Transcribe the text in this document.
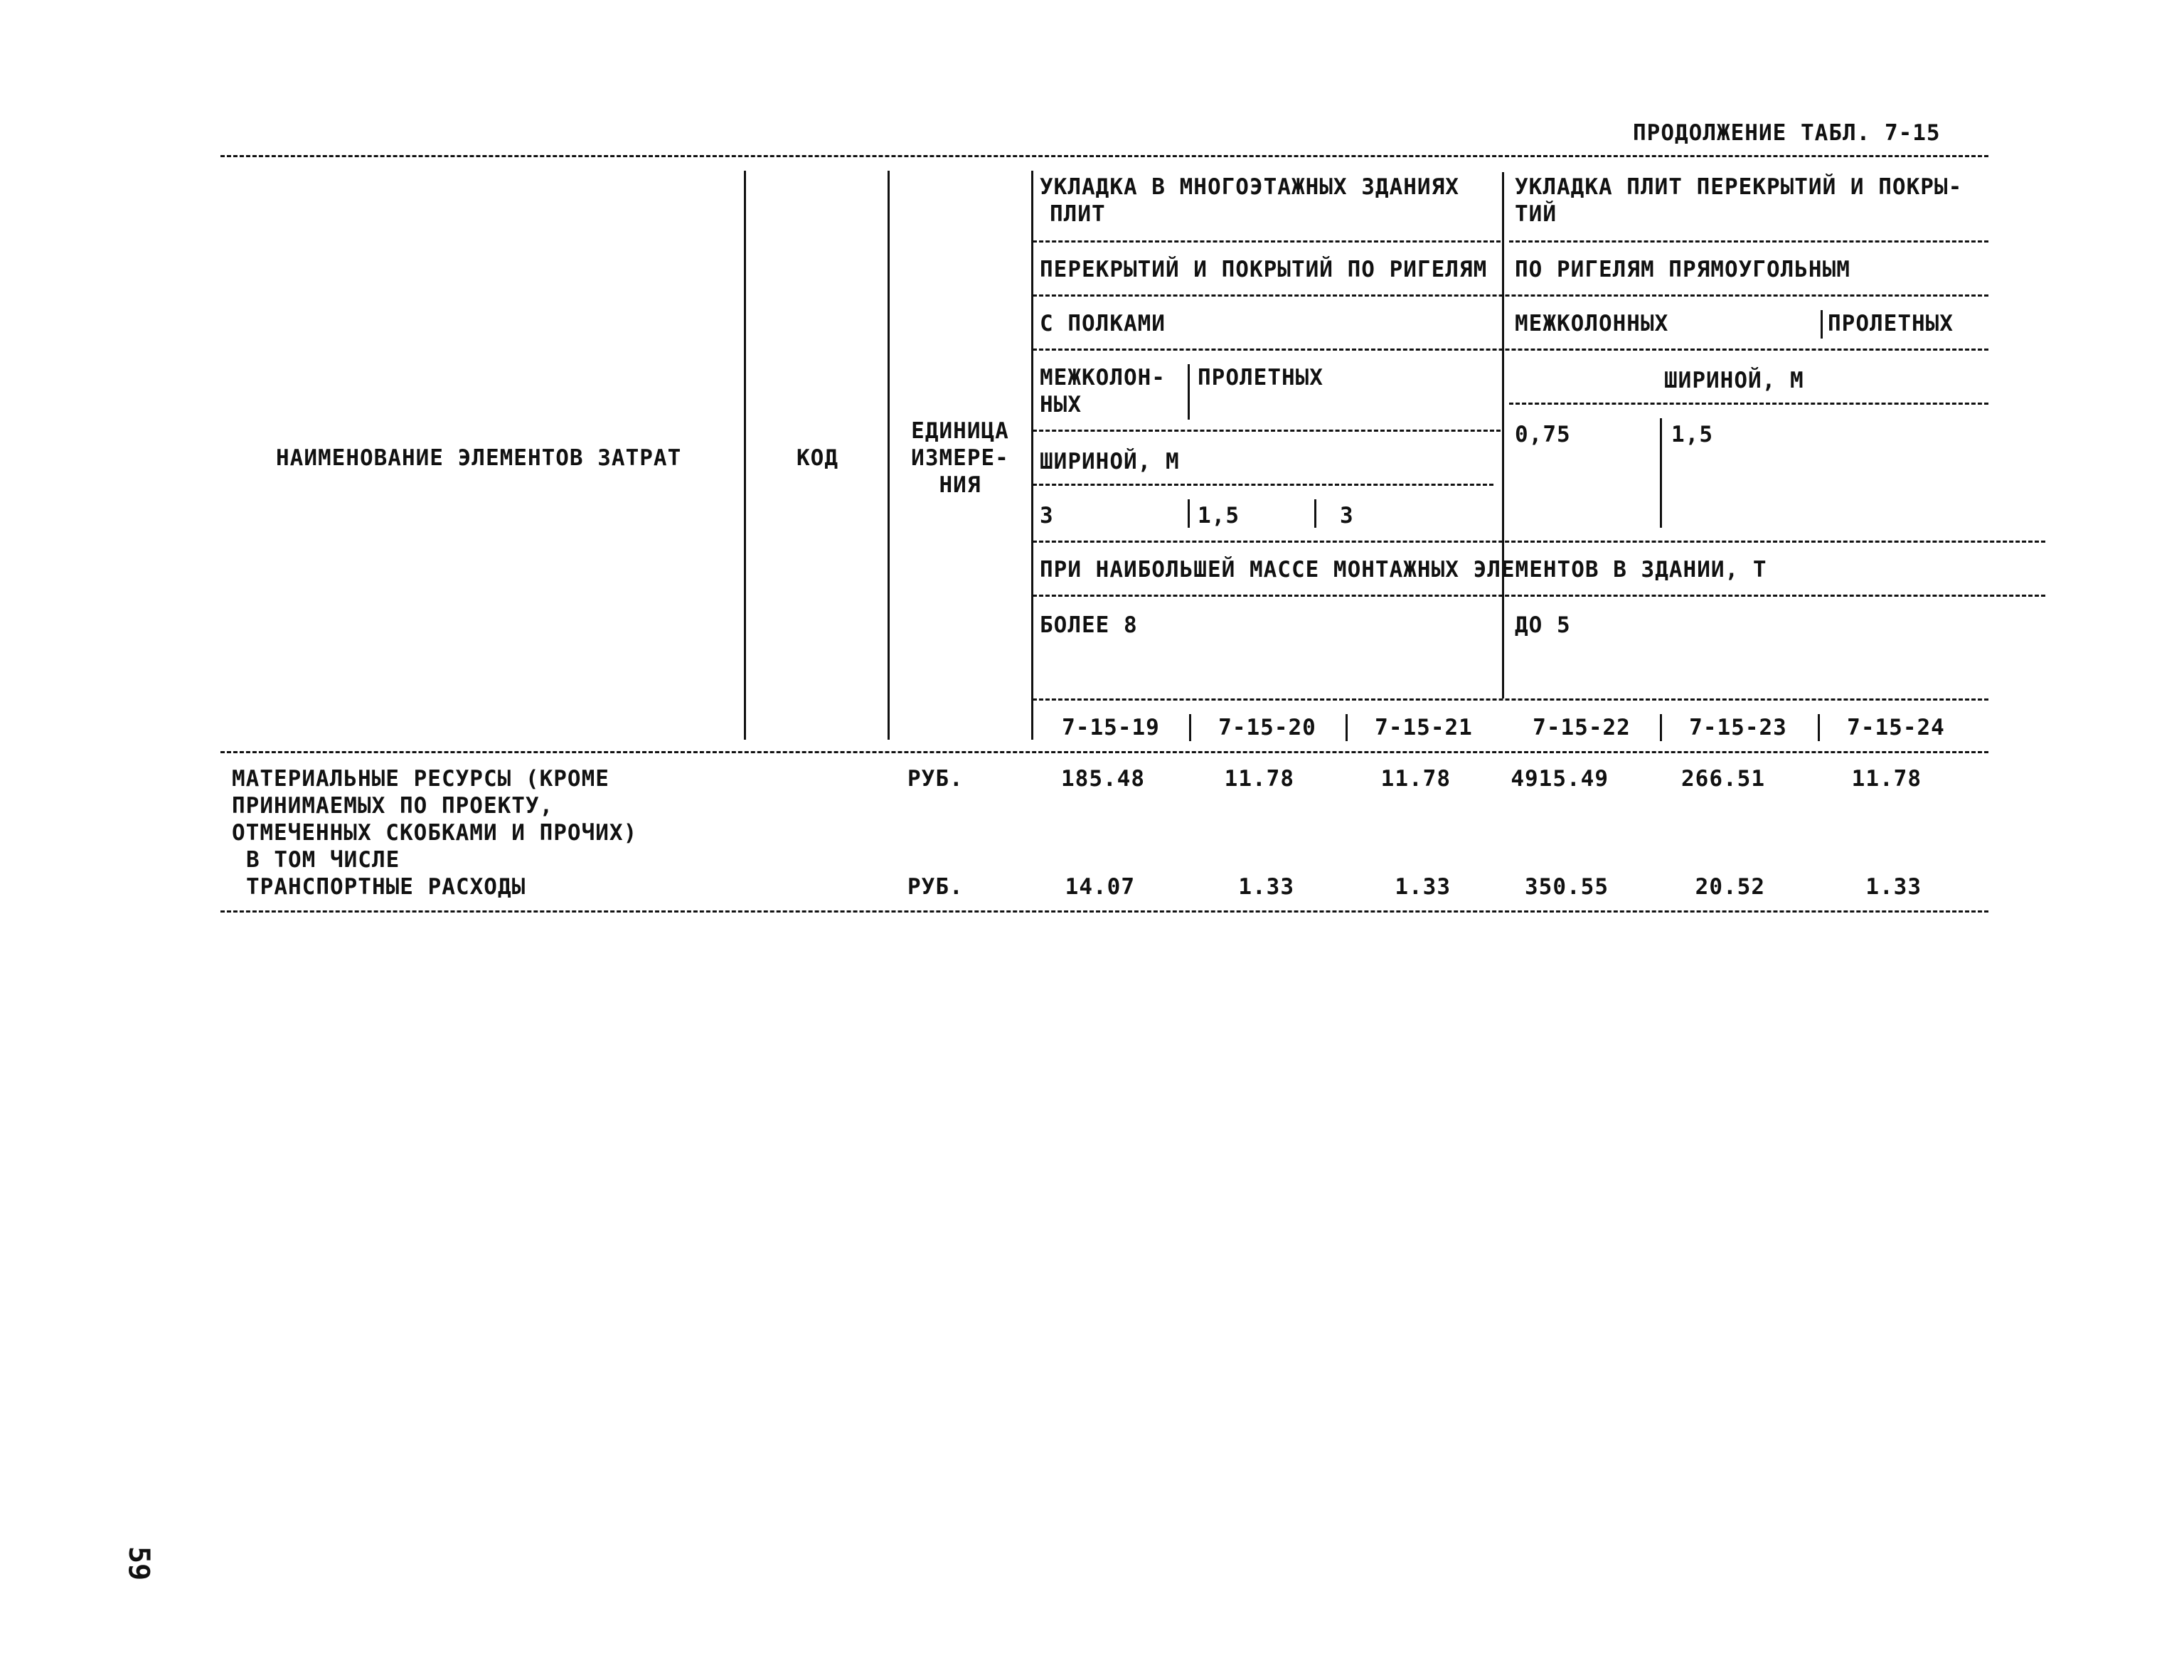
ПРОДОЛЖЕНИЕ ТАБЛ. 7-15
НАИМЕНОВАНИЕ ЭЛЕМЕНТОВ ЗАТРАТ	КОД
ЕДИНИЦА
ИЗМЕРЕ-
НИЯ
УКЛАДКА В МНОГОЭТАЖНЫХ ЗДАНИЯХ
ПЛИТ
ПЕРЕКРЫТИЙ И ПОКРЫТИЙ ПО РИГЕЛЯМ
С ПОЛКАМИ
МЕЖКОЛОН-
НЫХ
ПРОЛЕТНЫХ
ШИРИНОЙ, М
3	1,5	3
УКЛАДКА ПЛИТ ПЕРЕКРЫТИЙ И ПОКРЫ-
ТИЙ
ПО РИГЕЛЯМ ПРЯМОУГОЛЬНЫМ
МЕЖКОЛОННЫХ	ПРОЛЕТНЫХ
ШИРИНОЙ, М
0,75	1,5
ПРИ НАИБОЛЬШЕЙ МАССЕ МОНТАЖНЫХ ЭЛЕМЕНТОВ В ЗДАНИИ, Т
БОЛЕЕ 8	ДО 5
7-15-19	7-15-20	7-15-21	7-15-22	7-15-23	7-15-24
МАТЕРИАЛЬНЫЕ РЕСУРСЫ (КРОМЕ
ПРИНИМАЕМЫХ ПО ПРОЕКТУ,
ОТМЕЧЕННЫХ СКОБКАМИ И ПРОЧИХ)
В ТОМ ЧИСЛЕ
РУБ.	185.48	11.78	11.78	4915.49	266.51	11.78
ТРАНСПОРТНЫЕ РАСХОДЫ	РУБ.	14.07	1.33	1.33	350.55	20.52	1.33
59
